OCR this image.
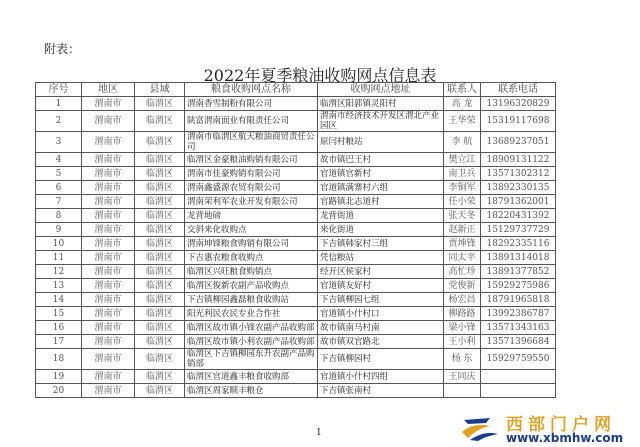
附表：
2022年夏季粮油收购网点信息表
序号	地区	县域	粮食收购网点名称	收购网点地址	联系人	联系电话
1	渭南市	临渭区	渭南香雪制粉有限公司	临渭区阳郭镇灵阳村	高 龙	13196320829
2	渭南市	临渭区	陕富渭南面业有限责任公司	渭南市经济技术开发区渭北产业园区	王华荣	15319117698
3	渭南市	临渭区	渭南市临渭区航天粮油商贸责任公司	原闫村粮站	李 航	13689237051
4	渭南市	临渭区	临渭区金豪粮油购销有限公司	故市镇巴王村	樊立江	18909131122
5	渭南市	临渭区	渭南市佳豪购销有限公司	官道镇官新村	南卫兵	13571302312
6	渭南市	临渭区	渭南鑫盛源农贸有限公司	官道镇满寨村六组	李铜军	13892330135
7	渭南市	临渭区	渭南荣利军农业开发有限公司	官路镇北志道村	任小荣	18791362001
8	渭南市	临渭区	龙背地磅	龙背街道	张天冬	18220431392
9	渭南市	临渭区	交斜来化收购点	来化街道	赵新正	15129737729
10	渭南市	临渭区	渭南坤锋粮食购销有限公司	下吉镇韩家村三组	贾坤锋	18292335116
11	渭南市	临渭区	下吉惠农粮食收购点	凭信粮站	同太平	13891314018
12	渭南市	临渭区	临渭区兴旺粮食购销点	经开区侯家村	高忙珍	13891377852
13	渭南市	临渭区	临渭区俊新农副产品收购点	官道镇友好村	党俊新	15929275986
14	渭南市	临渭区	下吉镇柳园鑫磊粮食收购站	下吉镇柳园七组	杨宏昌	18791965818
15	渭南市	临渭区	阳光利民农民专业合作社	官道镇小什村口	柳路路	13992386787
16	渭南市	临渭区	临渭区故市镇小锋农副产品收购部	故市镇南马村南	梁小锋	13571343163
17	渭南市	临渭区	临渭区故市镇小利农副产品收购部	故市镇双官路北	王小利	13571396684
18	渭南市	临渭区	临渭区下吉镇柳园东升农副产品购销部	下吉镇柳园村	杨 东	15929759550
19	渭南市	临渭区	临渭区官道鑫丰粮食收购部	官道镇小什村四组	王同庆	
20	渭南市	临渭区	临渭区周家顺丰粮仓	下吉镇张南村		
1	西部门户网
www.xbmhw.com
